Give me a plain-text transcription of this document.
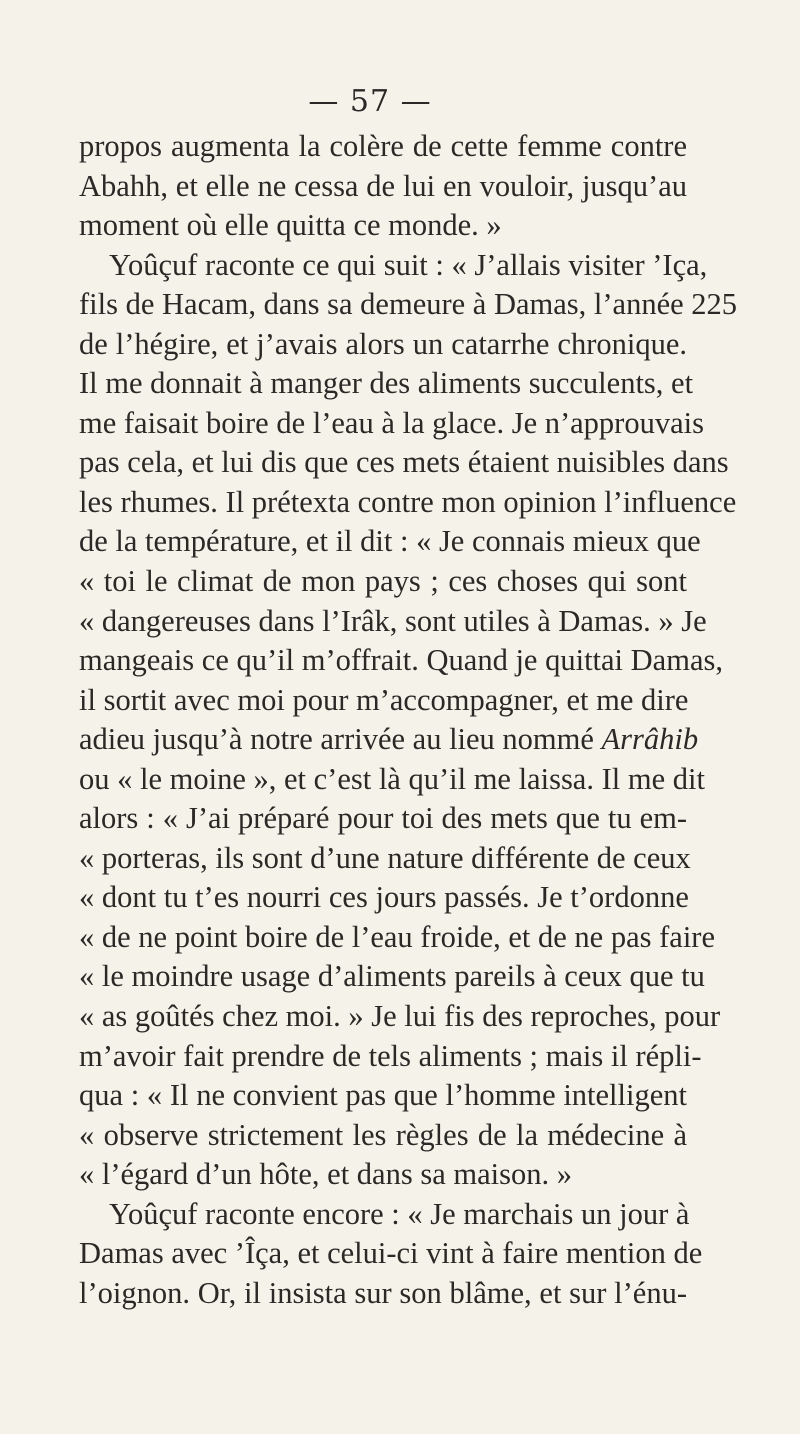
— 57 —
propos augmenta la colère de cette femme contre
Abahh, et elle ne cessa de lui en vouloir, jusqu’au
moment où elle quitta ce monde. »
Yoûçuf raconte ce qui suit : « J’allais visiter ’Iça,
fils de Hacam, dans sa demeure à Damas, l’année 225
de l’hégire, et j’avais alors un catarrhe chronique.
Il me donnait à manger des aliments succulents, et
me faisait boire de l’eau à la glace. Je n’approuvais
pas cela, et lui dis que ces mets étaient nuisibles dans
les rhumes. Il prétexta contre mon opinion l’influence
de la température, et il dit : « Je connais mieux que
« toi le climat de mon pays ; ces choses qui sont
« dangereuses dans l’Irâk, sont utiles à Damas. » Je
mangeais ce qu’il m’offrait. Quand je quittai Damas,
il sortit avec moi pour m’accompagner, et me dire
adieu jusqu’à notre arrivée au lieu nommé Arrâhib
ou « le moine », et c’est là qu’il me laissa. Il me dit
alors : « J’ai préparé pour toi des mets que tu em-
« porteras, ils sont d’une nature différente de ceux
« dont tu t’es nourri ces jours passés. Je t’ordonne
« de ne point boire de l’eau froide, et de ne pas faire
« le moindre usage d’aliments pareils à ceux que tu
« as goûtés chez moi. » Je lui fis des reproches, pour
m’avoir fait prendre de tels aliments ; mais il répli-
qua : « Il ne convient pas que l’homme intelligent
« observe strictement les règles de la médecine à
« l’égard d’un hôte, et dans sa maison. »
Yoûçuf raconte encore : « Je marchais un jour à
Damas avec ’Îça, et celui-ci vint à faire mention de
l’oignon. Or, il insista sur son blâme, et sur l’énu-
